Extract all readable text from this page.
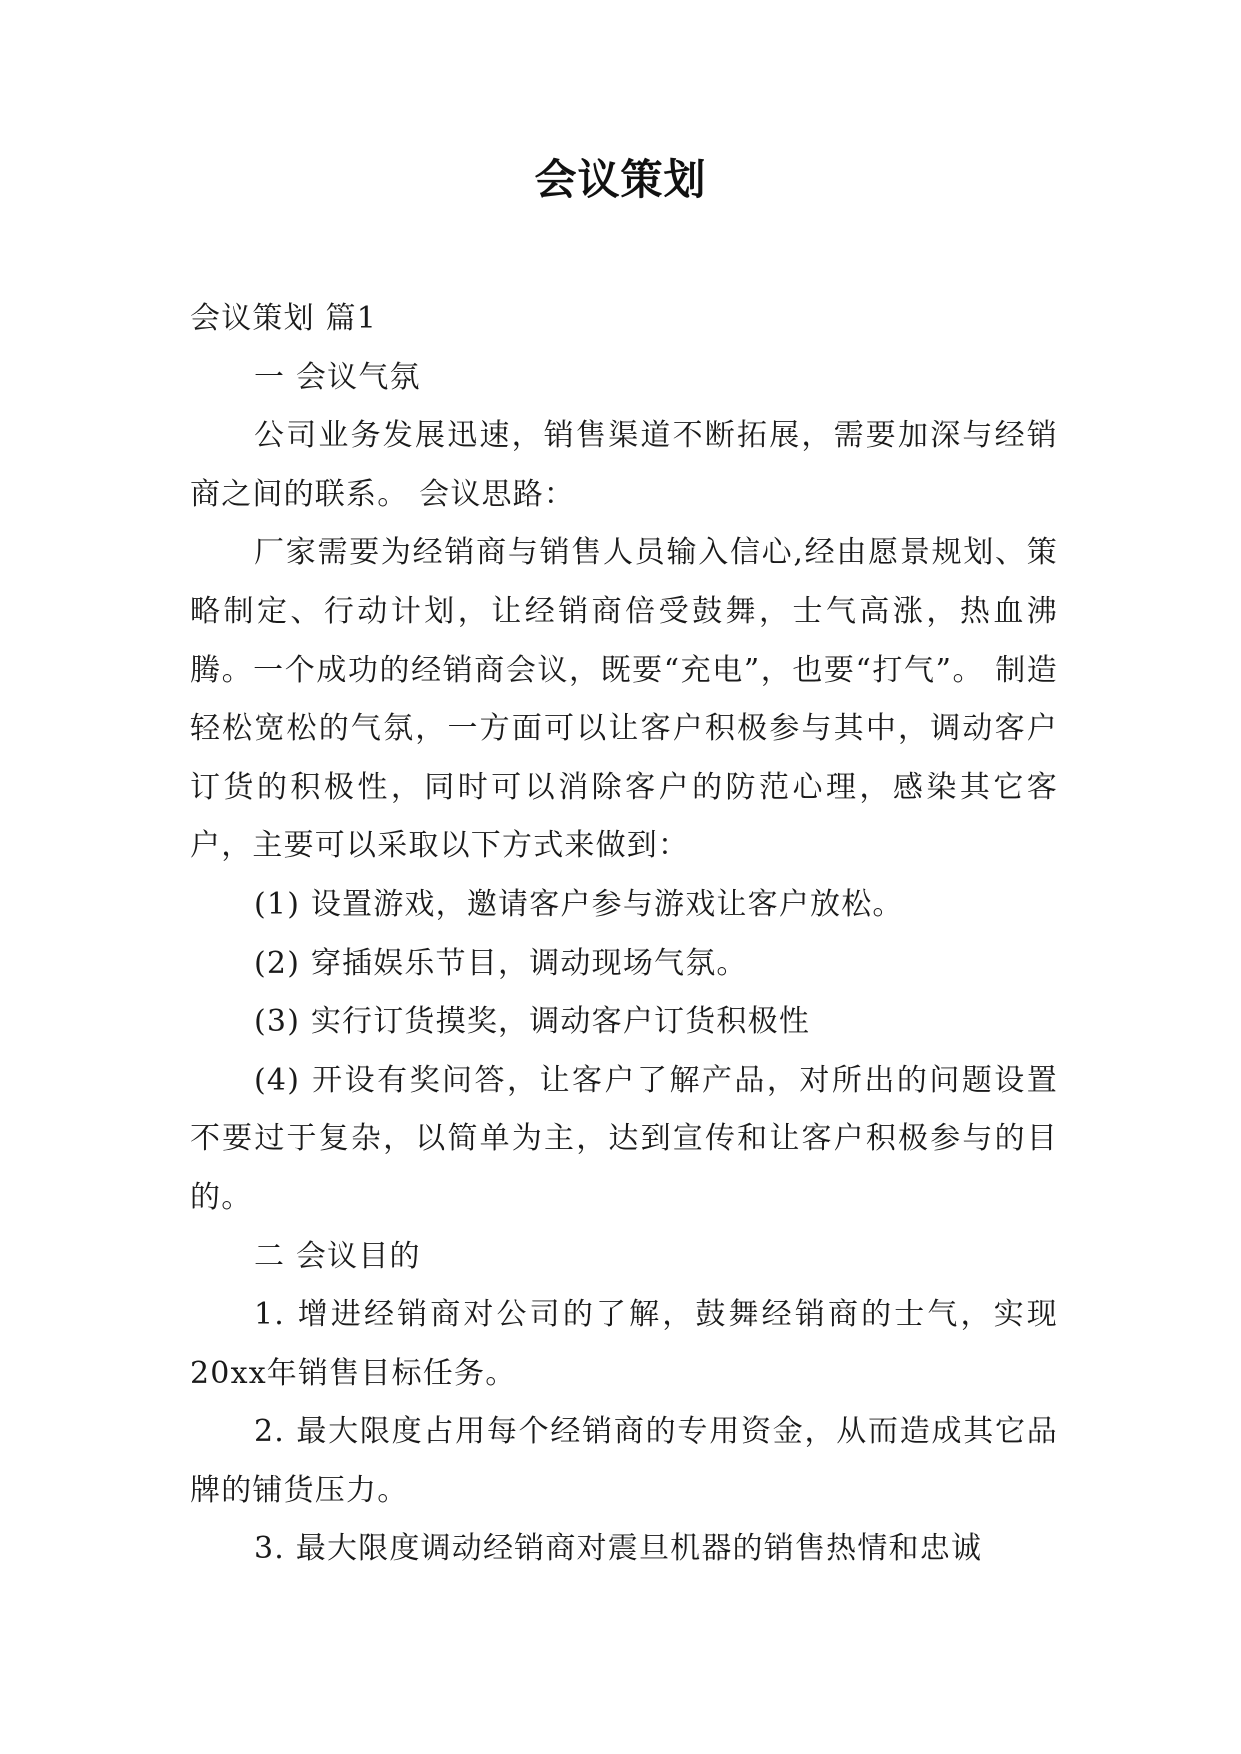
会议策划

会议策划 篇1

一 会议气氛

公司业务发展迅速，销售渠道不断拓展，需要加深与经销商之间的联系。 会议思路：

厂家需要为经销商与销售人员输入信心,经由愿景规划、策略制定、行动计划，让经销商倍受鼓舞，士气高涨，热血沸腾。一个成功的经销商会议，既要“充电”，也要“打气”。 制造轻松宽松的气氛，一方面可以让客户积极参与其中，调动客户订货的积极性，同时可以消除客户的防范心理，感染其它客户，主要可以采取以下方式来做到：

(1) 设置游戏，邀请客户参与游戏让客户放松。

(2) 穿插娱乐节目，调动现场气氛。

(3) 实行订货摸奖，调动客户订货积极性

(4) 开设有奖问答，让客户了解产品，对所出的问题设置不要过于复杂，以简单为主，达到宣传和让客户积极参与的目的。

二 会议目的

1. 增进经销商对公司的了解，鼓舞经销商的士气，实现20xx年销售目标任务。

2. 最大限度占用每个经销商的专用资金，从而造成其它品牌的铺货压力。

3. 最大限度调动经销商对震旦机器的销售热情和忠诚
